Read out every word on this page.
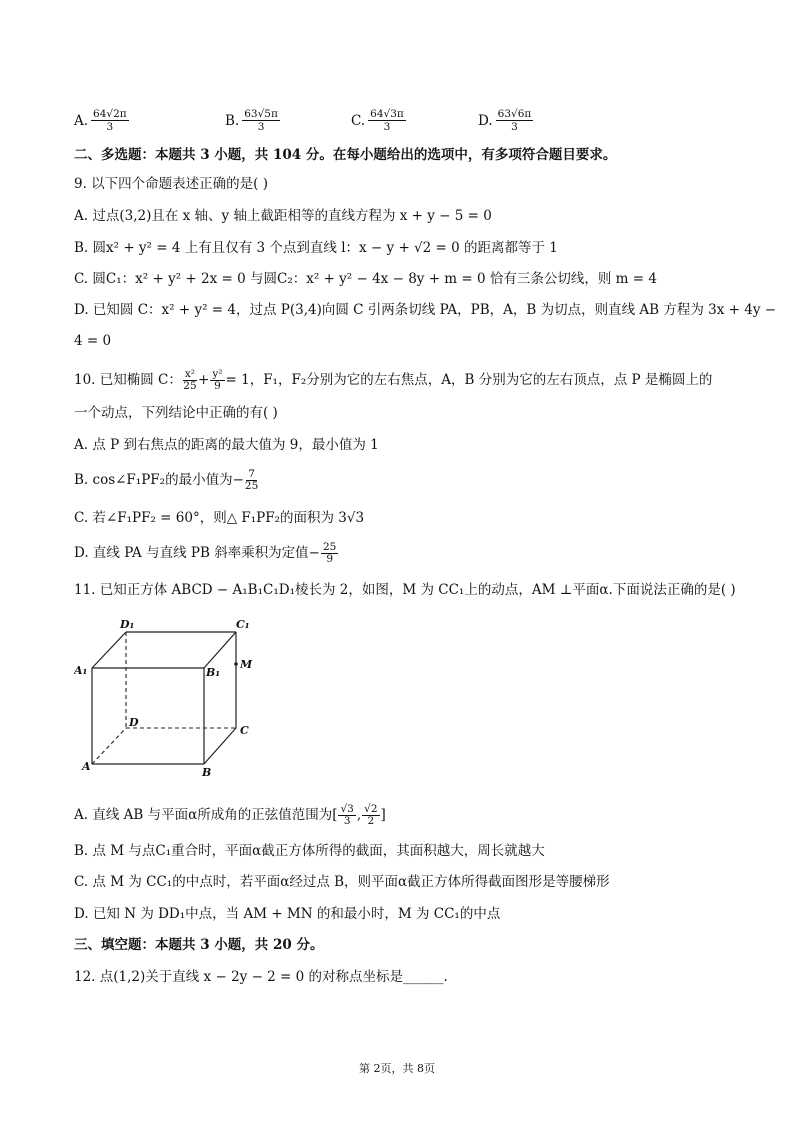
A. $\frac{64√2\pi}{3}$	B. $\frac{63√5\pi}{3}$	C. $\frac{64√3\pi}{3}$	D. $\frac{63√6\pi}{3}$
二、多选题：本题共 3 小题，共 104 分。在每小题给出的选项中，有多项符合题目要求。
9. 以下四个命题表述正确的是( )
A. 过点(3,2)且在 x 轴、y 轴上截距相等的直线方程为 x + y − 5 = 0
B. 圆x² + y² = 4 上有且仅有 3 个点到直线 l：x − y + √2 = 0 的距离都等于 1
C. 圆C₁：x² + y² + 2x = 0 与圆C₂：x² + y² − 4x − 8y + m = 0 恰有三条公切线，则 m = 4
D. 已知圆 C：x² + y² = 4，过点 P(3,4)向圆 C 引两条切线 PA，PB，A，B 为切点，则直线 AB 方程为 3x + 4y −
4 = 0
10. 已知椭圆 C： $\frac{\text{x²}}{25} + \frac{\text{y²}}{9} = 1$，F₁，F₂分别为它的左右焦点，A，B 分别为它的左右顶点，点 P 是椭圆上的
一个动点，下列结论中正确的有( )
A. 点 P 到右焦点的距离的最大值为 9，最小值为 1
B. cos∠F₁PF₂的最小值为− $\frac{7}{25}$
C. 若∠F₁PF₂ = 60°，则△ F₁PF₂的面积为 3√3
D. 直线 PA 与直线 PB 斜率乘积为定值− $\frac{25}{9}$
11. 已知正方体 ABCD − A₁B₁C₁D₁棱长为 2，如图，M 为 CC₁上的动点，AM ⊥平面α.下面说法正确的是( )
D₁	C₁
A₁	B₁
M
D
C
A	B
A. 直线 AB 与平面α所成角的正弦值范围为[ $\frac{√3}{3}$ , $\frac{√2}{2}$ ]
B. 点 M 与点C₁重合时，平面α截正方体所得的截面，其面积越大，周长就越大
C. 点 M 为 CC₁的中点时，若平面α经过点 B，则平面α截正方体所得截面图形是等腰梯形
D. 已知 N 为 DD₁中点，当 AM + MN 的和最小时，M 为 CC₁的中点
三、填空题：本题共 3 小题，共 20 分。
12. 点(1,2)关于直线 x − 2y − 2 = 0 的对称点坐标是______.
第 2页，共 8页
